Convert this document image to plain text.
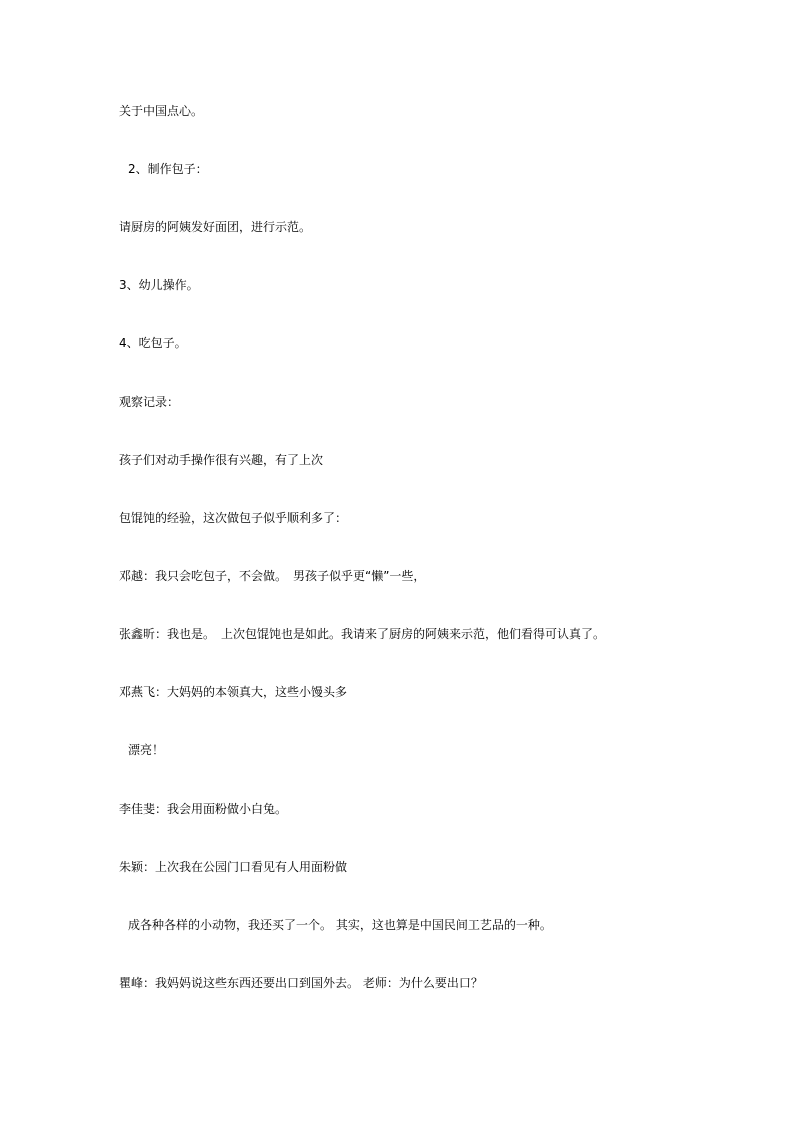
关于中国点心。
2、制作包子：
请厨房的阿姨发好面团，进行示范。
3、幼儿操作。
4、吃包子。
观察记录：
孩子们对动手操作很有兴趣，有了上次
包馄饨的经验，这次做包子似乎顺利多了：
邓越：我只会吃包子，不会做。　男孩子似乎更“懒”一些，
张鑫昕：我也是。　上次包馄饨也是如此。我请来了厨房的阿姨来示范，他们看得可认真了。
邓燕飞：大妈妈的本领真大，这些小馒头多
漂亮！
李佳斐：我会用面粉做小白兔。
朱颖：上次我在公园门口看见有人用面粉做
成各种各样的小动物，我还买了一个。 其实，这也算是中国民间工艺品的一种。
瞿峰：我妈妈说这些东西还要出口到国外去。 老师：为什么要出口？
